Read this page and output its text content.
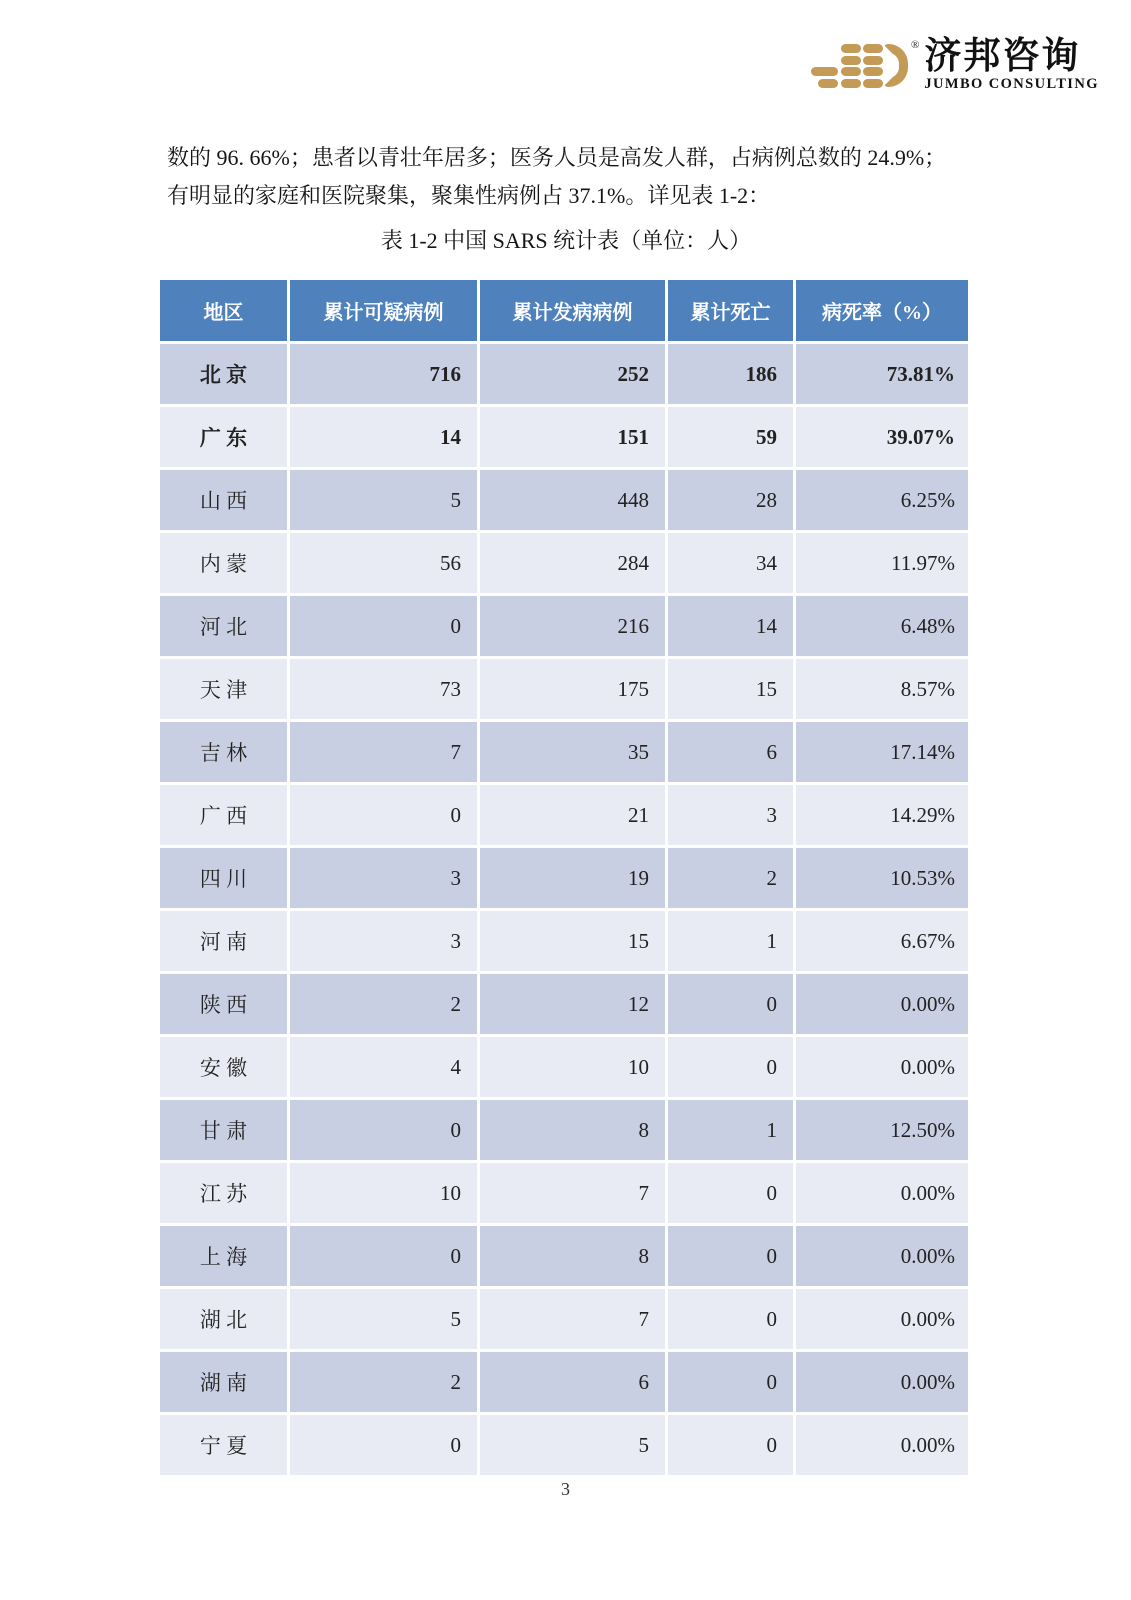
® 济邦咨询
JUMBO CONSULTING
数的 96. 66%；患者以青壮年居多；医务人员是高发人群，占病例总数的 24.9%；
有明显的家庭和医院聚集，聚集性病例占 37.1%。详见表 1-2：
表 1-2 中国 SARS 统计表（单位：人）
地区	累计可疑病例	累计发病病例	累计死亡	病死率（%）
北 京	716	252	186	73.81%
广 东	14	151	59	39.07%
山 西	5	448	28	6.25%
内 蒙	56	284	34	11.97%
河 北	0	216	14	6.48%
天 津	73	175	15	8.57%
吉 林	7	35	6	17.14%
广 西	0	21	3	14.29%
四 川	3	19	2	10.53%
河 南	3	15	1	6.67%
陕 西	2	12	0	0.00%
安 徽	4	10	0	0.00%
甘 肃	0	8	1	12.50%
江 苏	10	7	0	0.00%
上 海	0	8	0	0.00%
湖 北	5	7	0	0.00%
湖 南	2	6	0	0.00%
宁 夏	0	5	0	0.00%
3
